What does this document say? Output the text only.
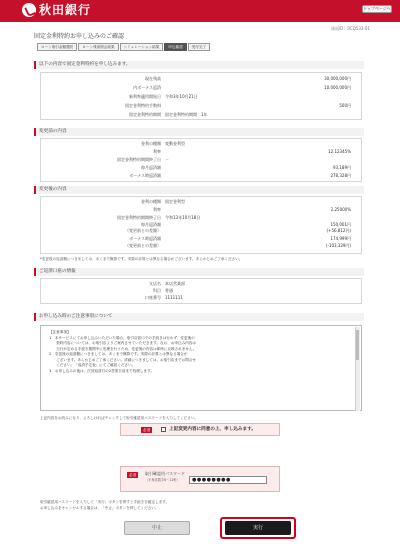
秋田銀行	トップページへ
画面ID：RCD533-01
固定金利特約お申し込みのご確認
ローン取引金額選択	ローン残高照会結果	シミュレーション結果	申込確認	受付完了
以下の内容で固定金利特約を申し込みます。
現在残高	30,000,000円
内ボーナス返済	10,000,000円
新利率適用開始日 令和3年10月21日
固定金利特約手数料	500円
固定金利特約期間 固定金利特約期間　1年
変更前の内容
金利の種類 変動金利型
利率	12.12345%
固定金利特約期間終了日 －
毎月返済額	93,189円
ボーナス時返済額	278,328円
変更後の内容
金利の種類 固定金利型
利率	2.25000%
固定金利特約期間終了日 令和13年10月18日
毎月返済額	150,001円
（変更前との差額）	(+56,812円)
ボーナス時返済額	174,999円
（変更前との差額）	(-103,329円)
*変更後の返済額につきましては、あくまで概算です。実際の計算とは異なる場合がございます。あらかじめご了承ください。
ご返済口座の情報
支店名 本店営業部
科目 普通
口座番号 1111111
お申し込み時のご注意事項について
【注意事項】
1　本サービスにてお申し込みいただいた場合、取引店窓口での手続きは行わず、変更後の
　　契約内容については、お取引店よりご案内させていただきます。なお、お申込み内容は
　　当行が定める手続き期間中に処理を行うため、変更後の内容は即時に反映されません。
2　変更後の返済額につきましては、あくまで概算です。実際の計算とは異なる場合が
　　ございます。あらかじめご了承ください。詳細につきましては、お取引店までお問合せ
　　ください。「返済予定表」にてご確認ください。
3　お申し込みの後は、次回返済日の2営業日前まで処理します。
上記内容をお読みになり、よろしければチェックして取引確認用パスワードを入力してください。
必須	上記変更内容に同意の上、申し込みます。
必須	取引確認用パスワード
（半角英数字6〜12桁）	●●●●●●●●
取引確認用パスワードを入力して「実行」ボタンを押すと手続きを確定します。
お申し込みをキャンセルする場合は、「中止」ボタンを押してください。
中止	実行
